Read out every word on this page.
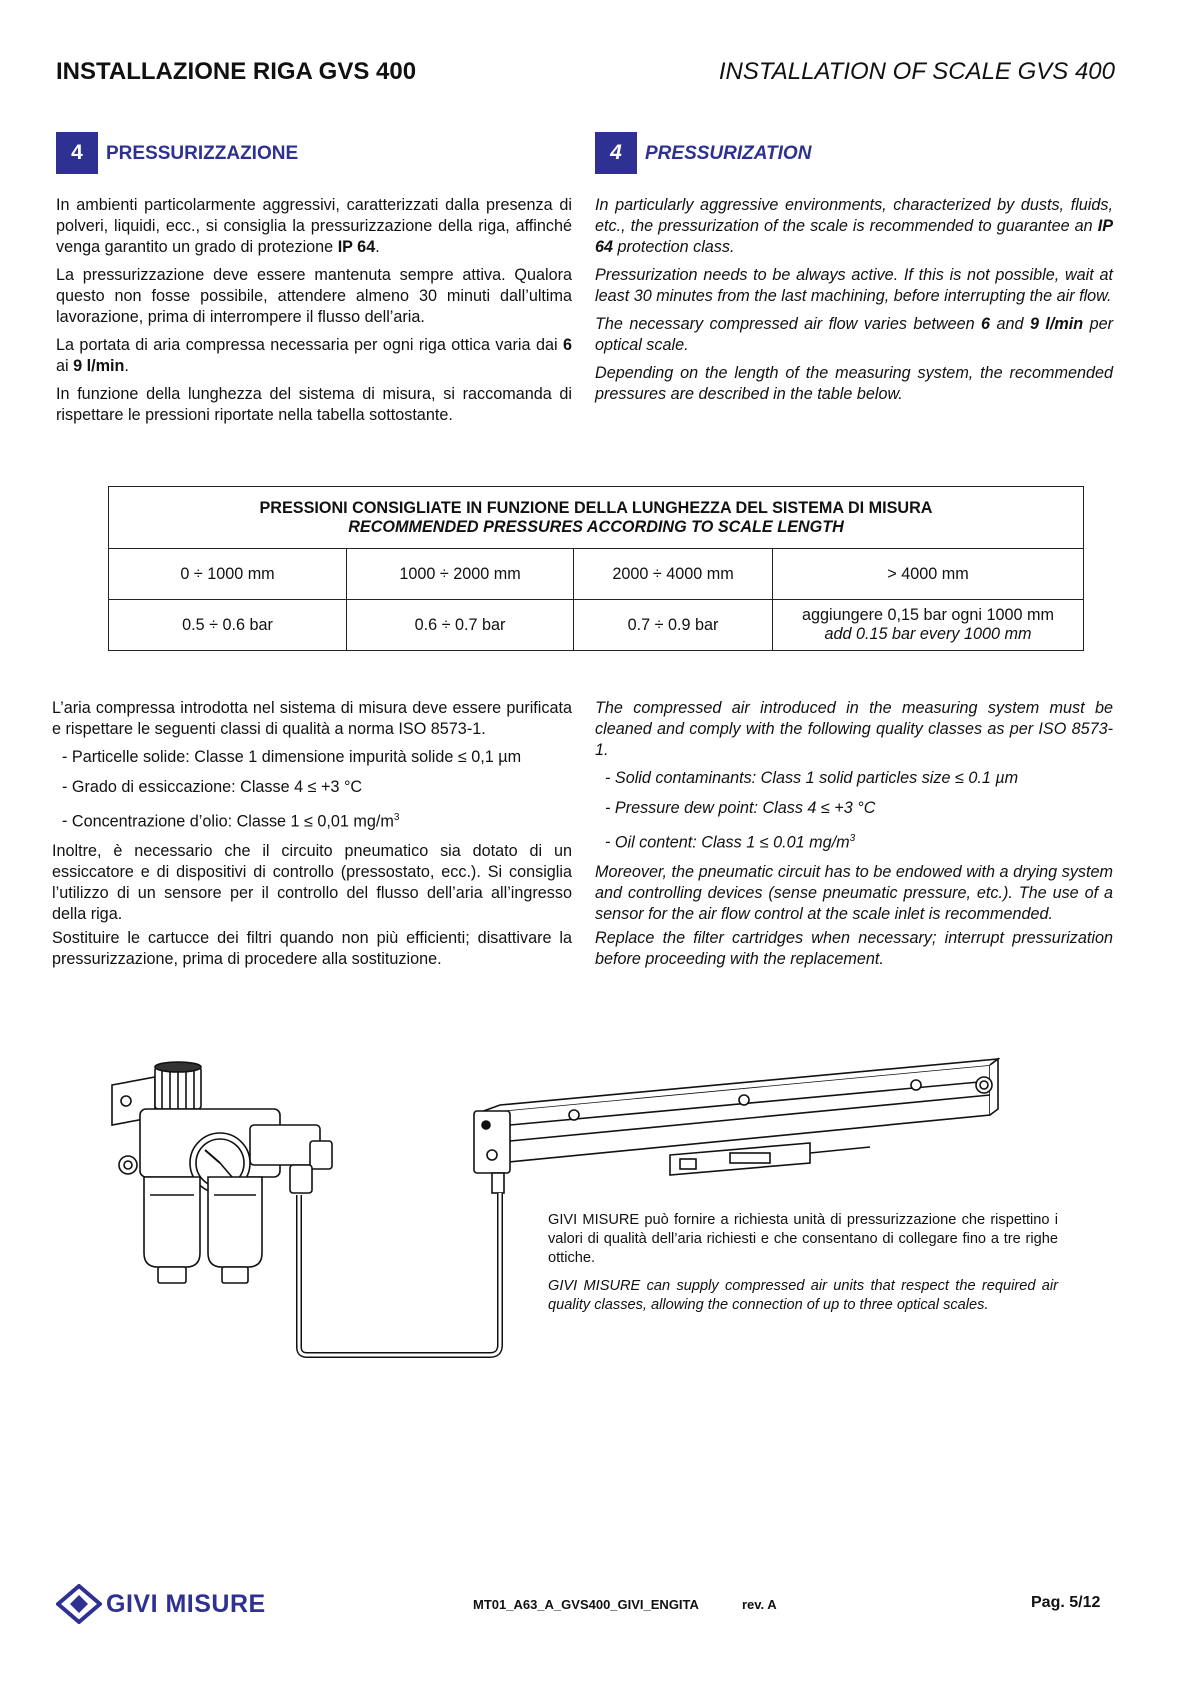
INSTALLAZIONE RIGA GVS 400	INSTALLATION OF SCALE GVS 400
4	PRESSURIZZAZIONE	4 PRESSURIZATION

In ambienti particolarmente aggressivi, caratterizzati dalla presenza di polveri, liquidi, ecc., si consiglia la pressurizzazione della riga, affinché venga garantito un grado di protezione IP 64.

La pressurizzazione deve essere mantenuta sempre attiva. Qualora questo non fosse possibile, attendere almeno 30 minuti dall’ultima lavorazione, prima di interrompere il flusso dell’aria.

La portata di aria compressa necessaria per ogni riga ottica varia dai 6 ai 9 l/min.

In funzione della lunghezza del sistema di misura, si raccomanda di rispettare le pressioni riportate nella tabella sottostante.

In particularly aggressive environments, characterized by dusts, fluids, etc., the pressurization of the scale is recommended to guarantee an IP 64 protection class.

Pressurization needs to be always active. If this is not possible, wait at least 30 minutes from the last machining, before interrupting the air flow.

The necessary compressed air flow varies between 6 and 9 l/min per optical scale.

Depending on the length of the measuring system, the recommended pressures are described in the table below.

PRESSIONI CONSIGLIATE IN FUNZIONE DELLA LUNGHEZZA DEL SISTEMA DI MISURA
RECOMMENDED PRESSURES ACCORDING TO SCALE LENGTH			

0 ÷ 1000 mm	1000 ÷ 2000 mm	2000 ÷ 4000 mm	> 4000 mm
0.5 ÷ 0.6 bar	0.6 ÷ 0.7 bar	0.7 ÷ 0.9 bar	aggiungere 0,15 bar ogni 1000 mm
add 0.15 bar every 1000 mm

L’aria compressa introdotta nel sistema di misura deve essere purificata e rispettare le seguenti classi di qualità a norma ISO 8573-1.

- Particelle solide: Classe 1 dimensione impurità solide ≤ 0,1 µm
- Grado di essiccazione: Classe 4 ≤ +3 °C
- Concentrazione d’olio: Classe 1 ≤ 0,01 $mg/m^3$

Inoltre, è necessario che il circuito pneumatico sia dotato di un essiccatore e di dispositivi di controllo (pressostato, ecc.). Si consiglia l’utilizzo di un sensore per il controllo del flusso dell’aria all’ingresso della riga.

Sostituire le cartucce dei filtri quando non più efficienti; disattivare la pressurizzazione, prima di procedere alla sostituzione.

The compressed air introduced in the measuring system must be cleaned and comply with the following quality classes as per ISO 8573-1.

- Solid contaminants: Class 1 solid particles size ≤ 0.1 µm
- Pressure dew point: Class 4 ≤ +3 °C
- Oil content: Class 1 ≤ 0.01 $mg/m^3$

Moreover, the pneumatic circuit has to be endowed with a drying system and controlling devices (sense pneumatic pressure, etc.). The use of a sensor for the air flow control at the scale inlet is recommended.

Replace the filter cartridges when necessary; interrupt pressurization before proceeding with the replacement.

GIVI MISURE può fornire a richiesta unità di pressurizzazione che rispettino i valori di qualità dell’aria richiesti e che consentano di collegare fino a tre righe ottiche.

GIVI MISURE can supply compressed air units that respect the required air quality classes, allowing the connection of up to three optical scales.

GIVI MISURE	MT01_A63_A_GVS400_GIVI_ENGITA	rev. A	Pag. 5/12
